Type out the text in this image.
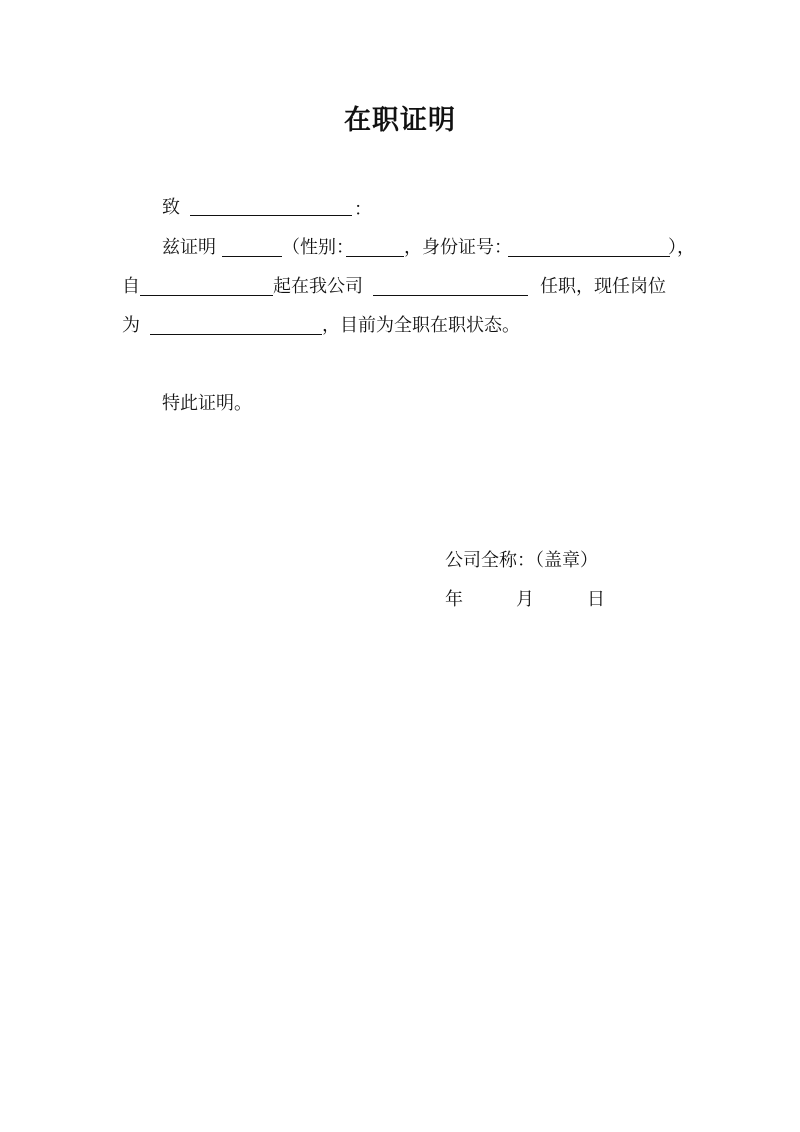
在职证明
致	：
兹证明	（性别：	，身份证号：	），
自	起在我公司	任职，现任岗位
为	，目前为全职在职状态。
特此证明。
公司全称：（盖章）
年	月	日
